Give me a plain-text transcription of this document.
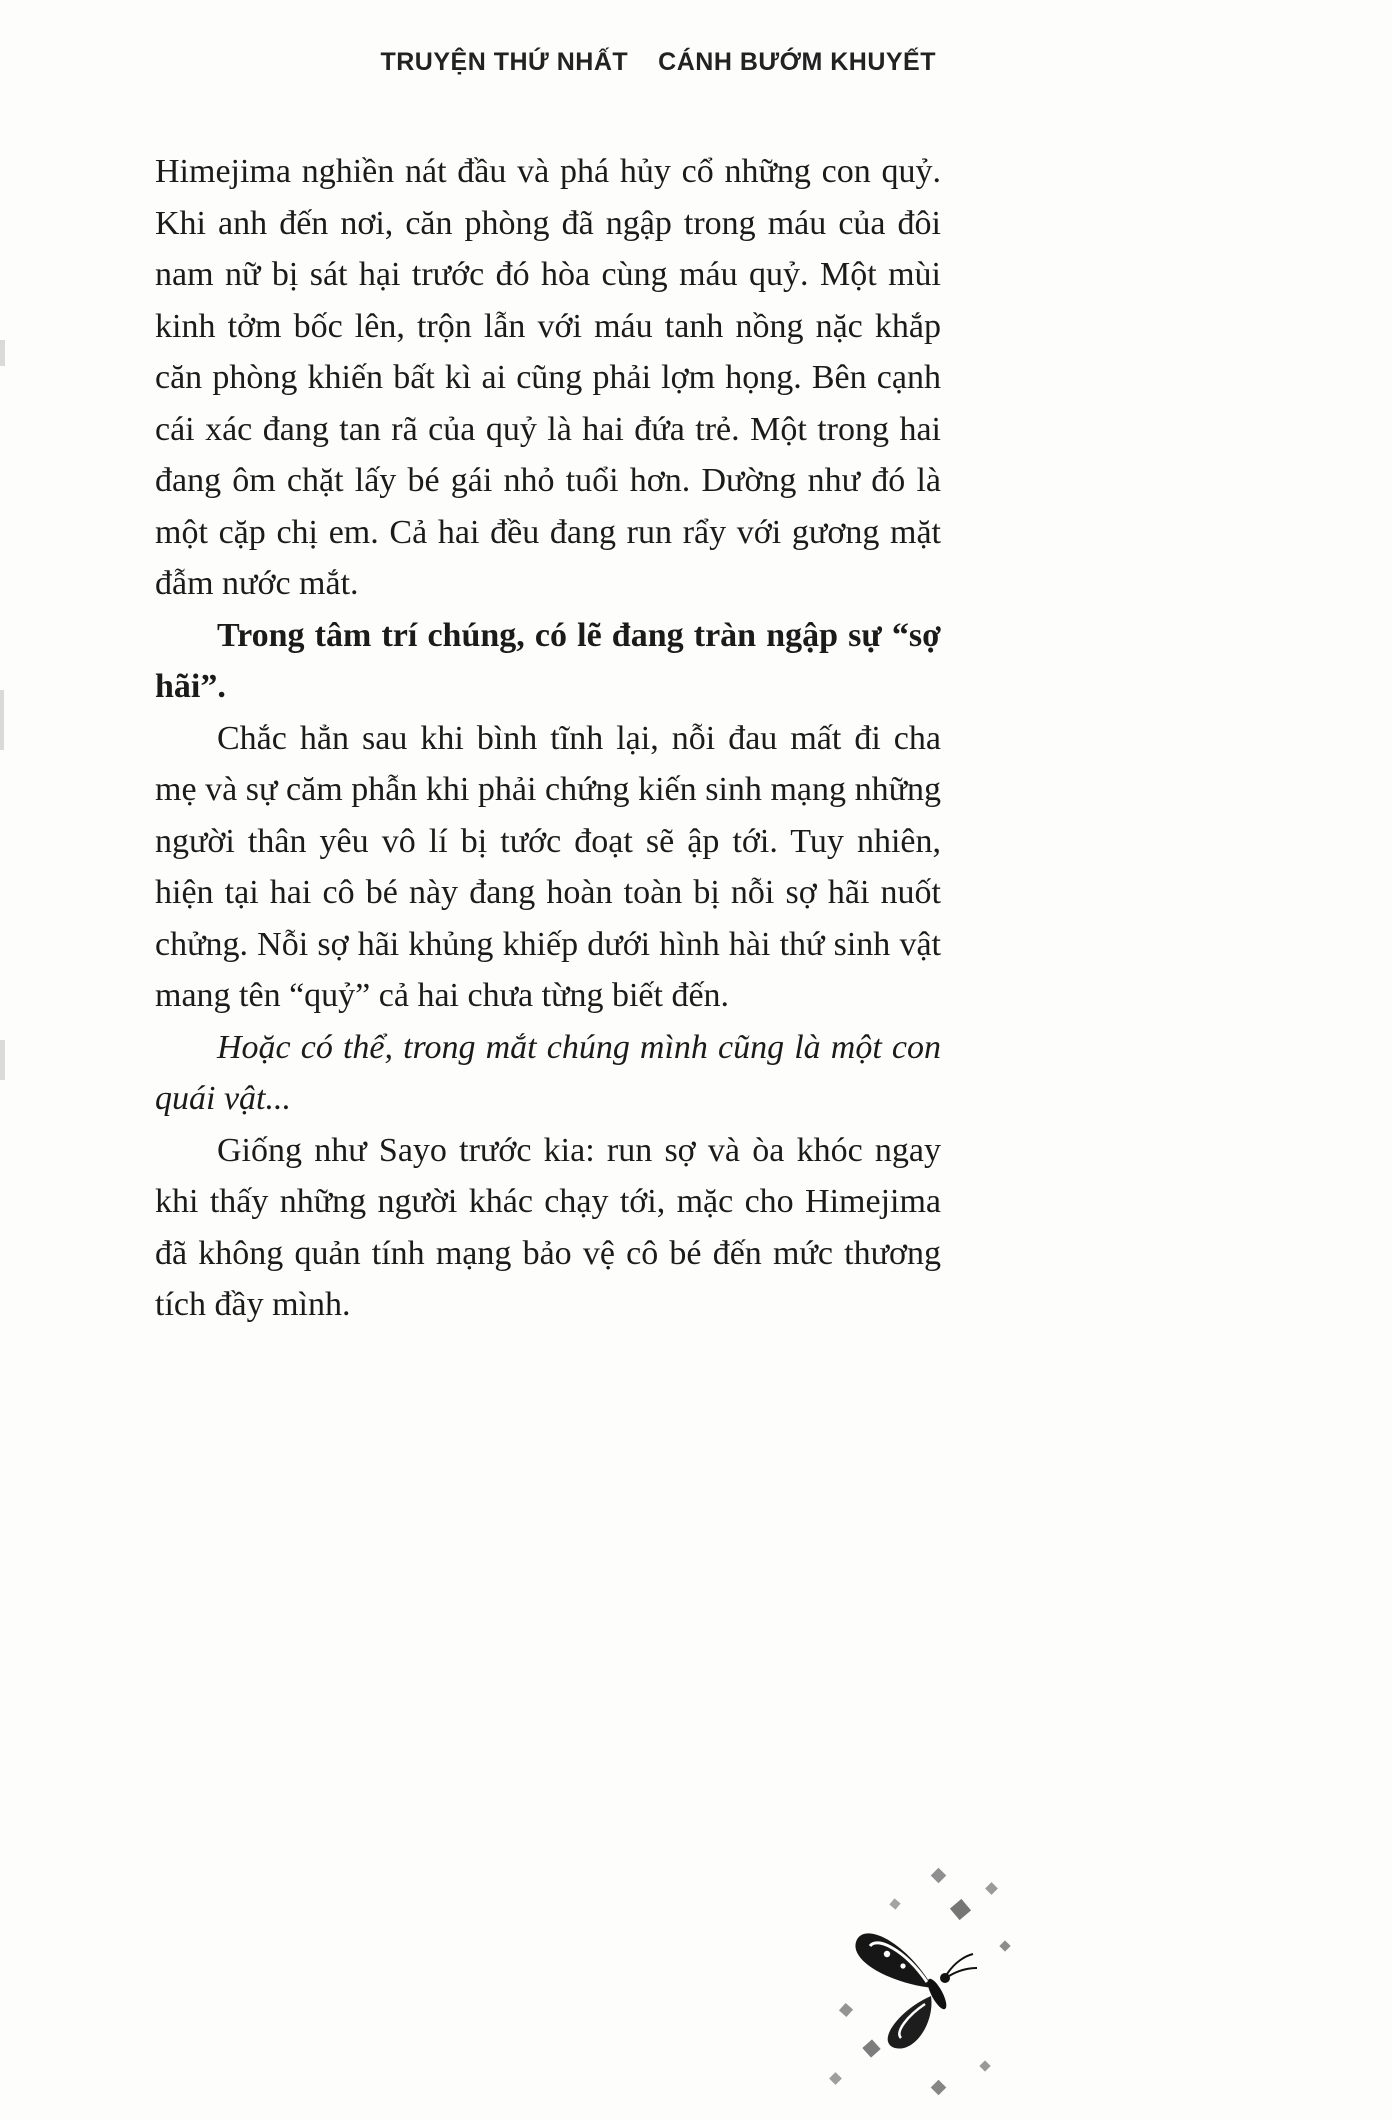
TRUYỆN THỨ NHẤT CÁNH BƯỚM KHUYẾT

Himejima nghiền nát đầu và phá hủy cổ những con quỷ. Khi anh đến nơi, căn phòng đã ngập trong máu của đôi nam nữ bị sát hại trước đó hòa cùng máu quỷ. Một mùi kinh tởm bốc lên, trộn lẫn với máu tanh nồng nặc khắp căn phòng khiến bất kì ai cũng phải lợm họng. Bên cạnh cái xác đang tan rã của quỷ là hai đứa trẻ. Một trong hai đang ôm chặt lấy bé gái nhỏ tuổi hơn. Dường như đó là một cặp chị em. Cả hai đều đang run rẩy với gương mặt đẫm nước mắt.

Trong tâm trí chúng, có lẽ đang tràn ngập sự “sợ hãi”.

Chắc hẳn sau khi bình tĩnh lại, nỗi đau mất đi cha mẹ và sự căm phẫn khi phải chứng kiến sinh mạng những người thân yêu vô lí bị tước đoạt sẽ ập tới. Tuy nhiên, hiện tại hai cô bé này đang hoàn toàn bị nỗi sợ hãi nuốt chửng. Nỗi sợ hãi khủng khiếp dưới hình hài thứ sinh vật mang tên “quỷ” cả hai chưa từng biết đến.

Hoặc có thể, trong mắt chúng mình cũng là một con quái vật...

Giống như Sayo trước kia: run sợ và òa khóc ngay khi thấy những người khác chạy tới, mặc cho Himejima đã không quản tính mạng bảo vệ cô bé đến mức thương tích đầy mình.
